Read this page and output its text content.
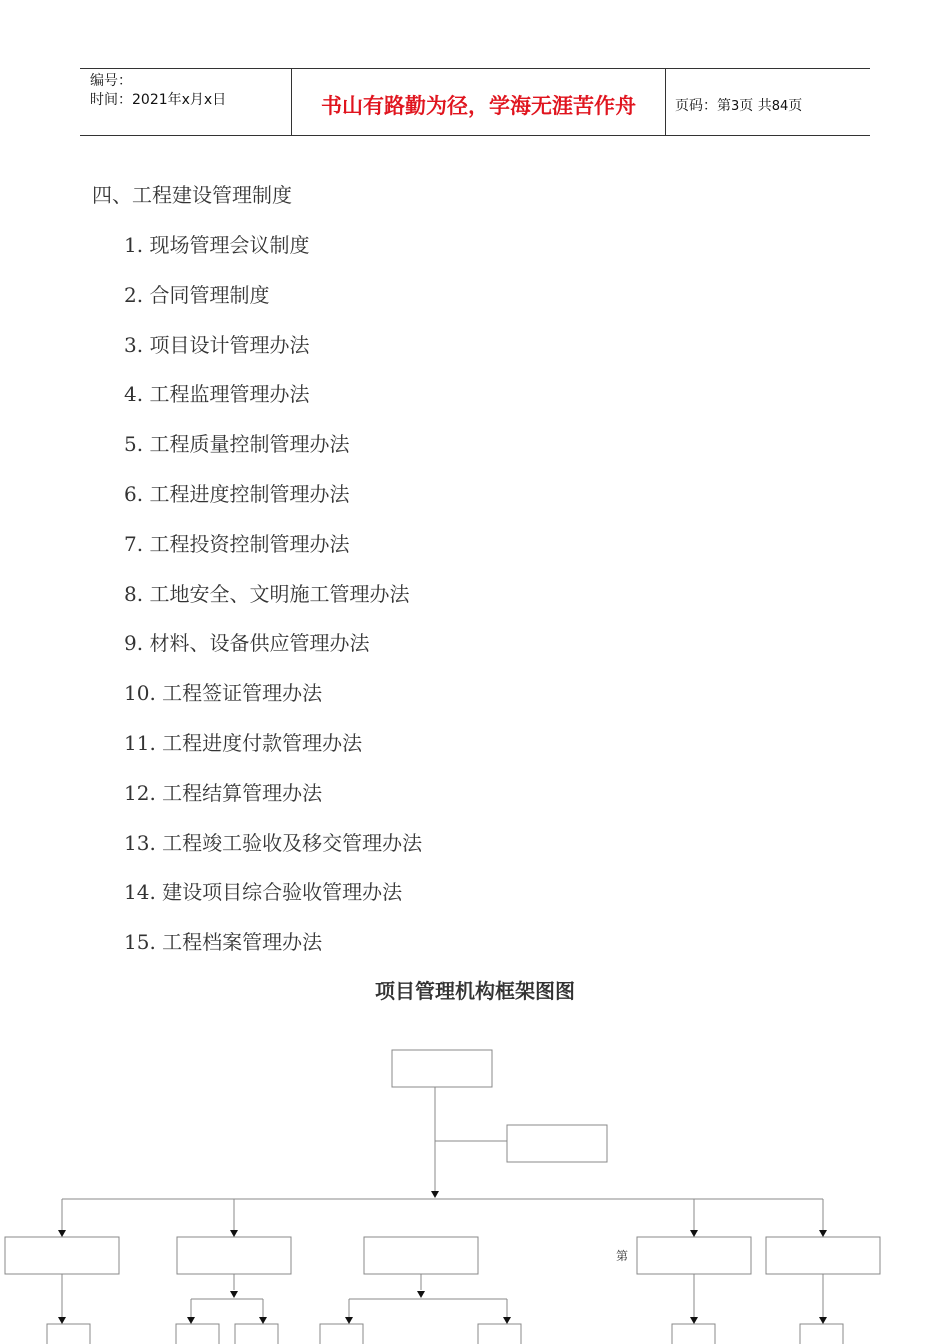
编号：
时间：2021年x月x日	书山有路勤为径，学海无涯苦作舟	页码：第3页 共84页
四、工程建设管理制度
1. 现场管理会议制度
2. 合同管理制度
3. 项目设计管理办法
4. 工程监理管理办法
5. 工程质量控制管理办法
6. 工程进度控制管理办法
7. 工程投资控制管理办法
8. 工地安全、文明施工管理办法
9. 材料、设备供应管理办法
10. 工程签证管理办法
11. 工程进度付款管理办法
12. 工程结算管理办法
13. 工程竣工验收及移交管理办法
14. 建设项目综合验收管理办法
15. 工程档案管理办法
项目管理机构框架图图
第
